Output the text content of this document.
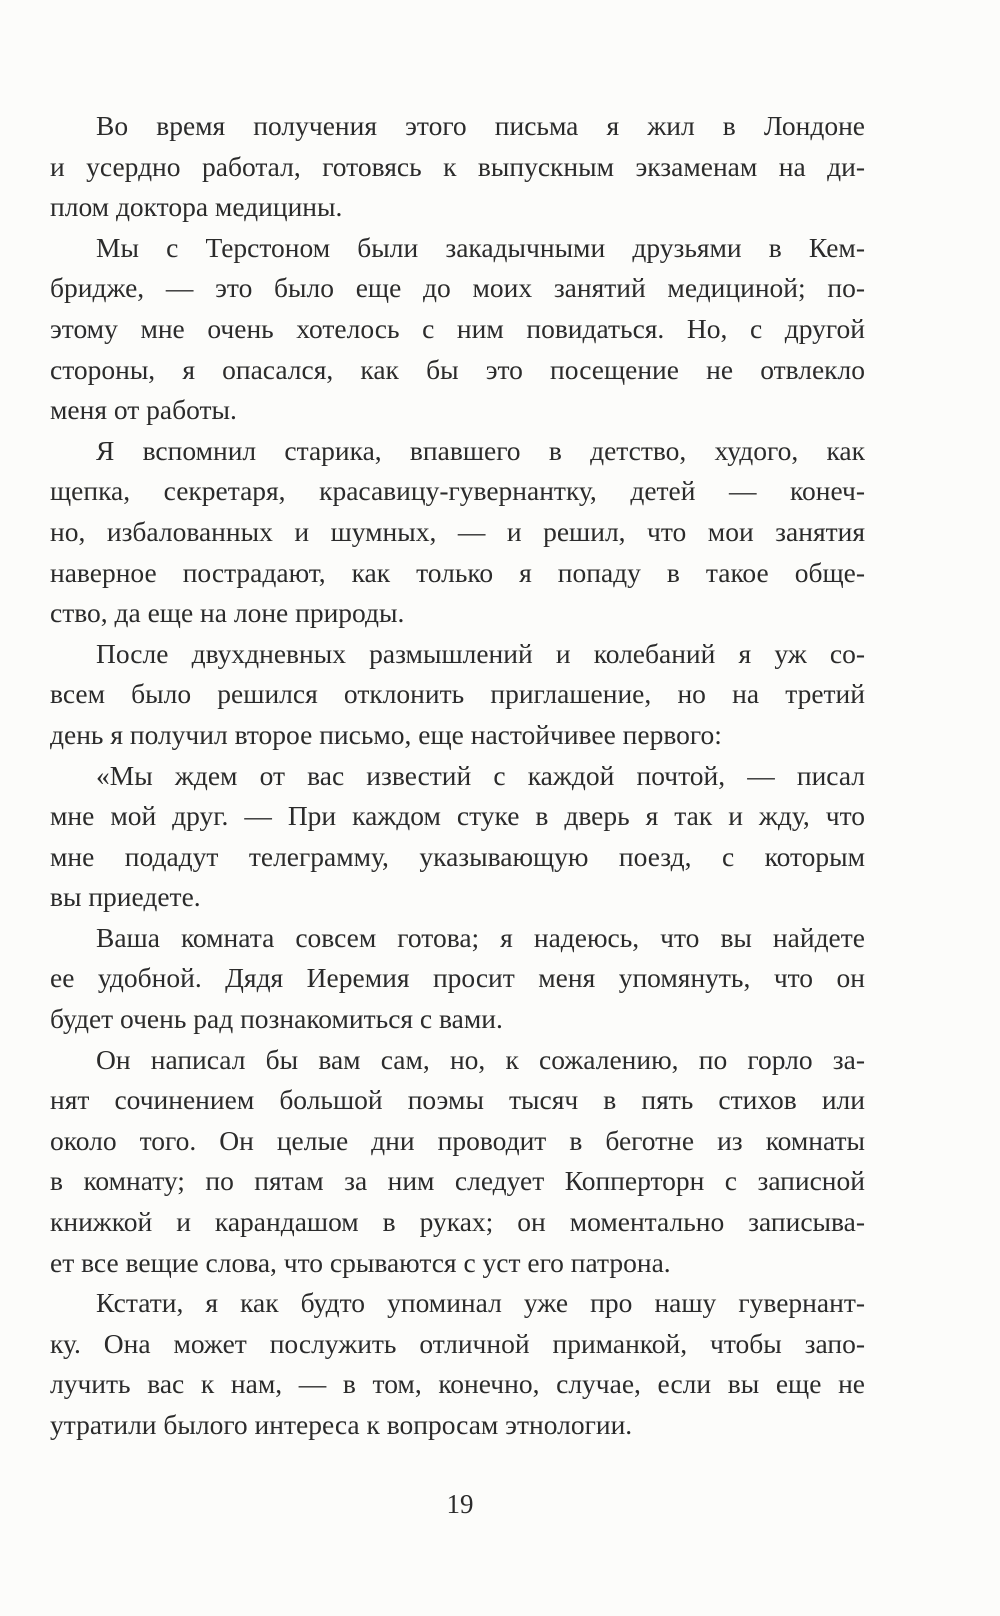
Во время получения этого письма я жил в Лондоне
и усердно работал, готовясь к выпускным экзаменам на ди-
плом доктора медицины.

Мы с Терстоном были закадычными друзьями в Кем-
бридже, — это было еще до моих занятий медициной; по-
этому мне очень хотелось с ним повидаться. Но, с другой
стороны, я опасался, как бы это посещение не отвлекло
меня от работы.

Я вспомнил старика, впавшего в детство, худого, как
щепка, секретаря, красавицу-гувернантку, детей — конеч-
но, избалованных и шумных, — и решил, что мои занятия
наверное пострадают, как только я попаду в такое обще-
ство, да еще на лоне природы.

После двухдневных размышлений и колебаний я уж со-
всем было решился отклонить приглашение, но на третий
день я получил второе письмо, еще настойчивее первого:

«Мы ждем от вас известий с каждой почтой, — писал
мне мой друг. — При каждом стуке в дверь я так и жду, что
мне подадут телеграмму, указывающую поезд, с которым
вы приедете.

Ваша комната совсем готова; я надеюсь, что вы найдете
ее удобной. Дядя Иеремия просит меня упомянуть, что он
будет очень рад познакомиться с вами.

Он написал бы вам сам, но, к сожалению, по горло за-
нят сочинением большой поэмы тысяч в пять стихов или
около того. Он целые дни проводит в беготне из комнаты
в комнату; по пятам за ним следует Копперторн с записной
книжкой и карандашом в руках; он моментально записыва-
ет все вещие слова, что срываются с уст его патрона.

Кстати, я как будто упоминал уже про нашу гувернант-
ку. Она может послужить отличной приманкой, чтобы запо-
лучить вас к нам, — в том, конечно, случае, если вы еще не
утратили былого интереса к вопросам этнологии.

19
